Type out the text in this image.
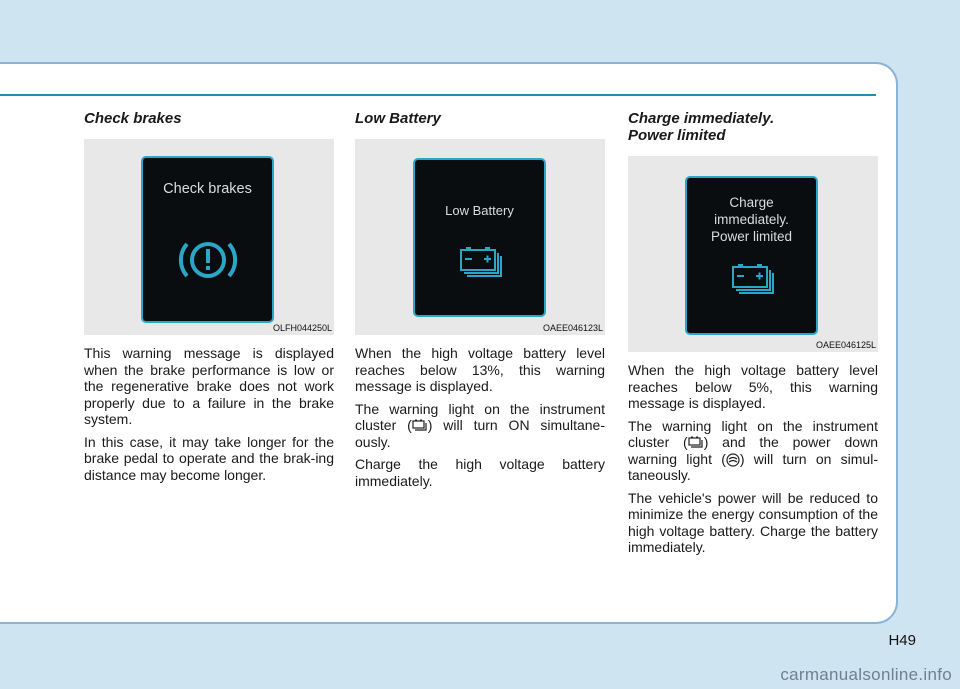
Check brakes
Check brakes
OLFH044250L

This warning message is displayed when the brake performance is low or the regenerative brake does not work properly due to a failure in the brake system.

In this case, it may take longer for the brake pedal to operate and the brak-ing distance may become longer.

Low Battery
Low Battery
OAEE046123L

When the high voltage battery level reaches below 13%, this warning message is displayed.

The warning light on the instrument cluster ( ) will turn ON simultane-ously.

Charge the high voltage battery immediately.

Charge immediately.
Power limited
Charge
immediately.
Power limited
OAEE046125L

When the high voltage battery level reaches below 5%, this warning message is displayed.

The warning light on the instrument cluster ( ) and the power down warning light ( ) will turn on simul-taneously.

The vehicle's power will be reduced to minimize the energy consumption of the high voltage battery. Charge the battery immediately.

H49
carmanualsonline.info
